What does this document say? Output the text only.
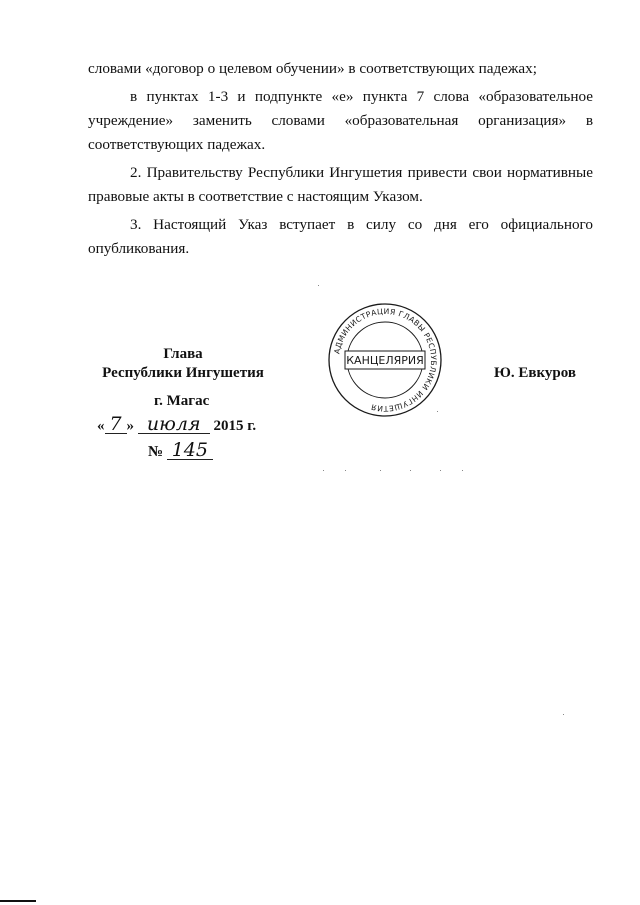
словами «договор о целевом обучении» в соответствующих падежах;

в пунктах 1-3 и подпункте «е» пункта 7 слова «образовательное учреждение» заменить словами «образовательная организация» в соответствующих падежах.

2. Правительству Республики Ингушетия привести свои нормативные правовые акты в соответствие с настоящим Указом.

3. Настоящий Указ вступает в силу со дня его официального опубликования.

Глава
Республики Ингушетия	Ю. Евкуров
г. Магас
« 7 » июля 2015 г.
№ 145
АДМИНИСТРАЦИЯ ГЛАВЫ РЕСПУБЛИКИ ИНГУШЕТИЯ
КАНЦЕЛЯРИЯ
